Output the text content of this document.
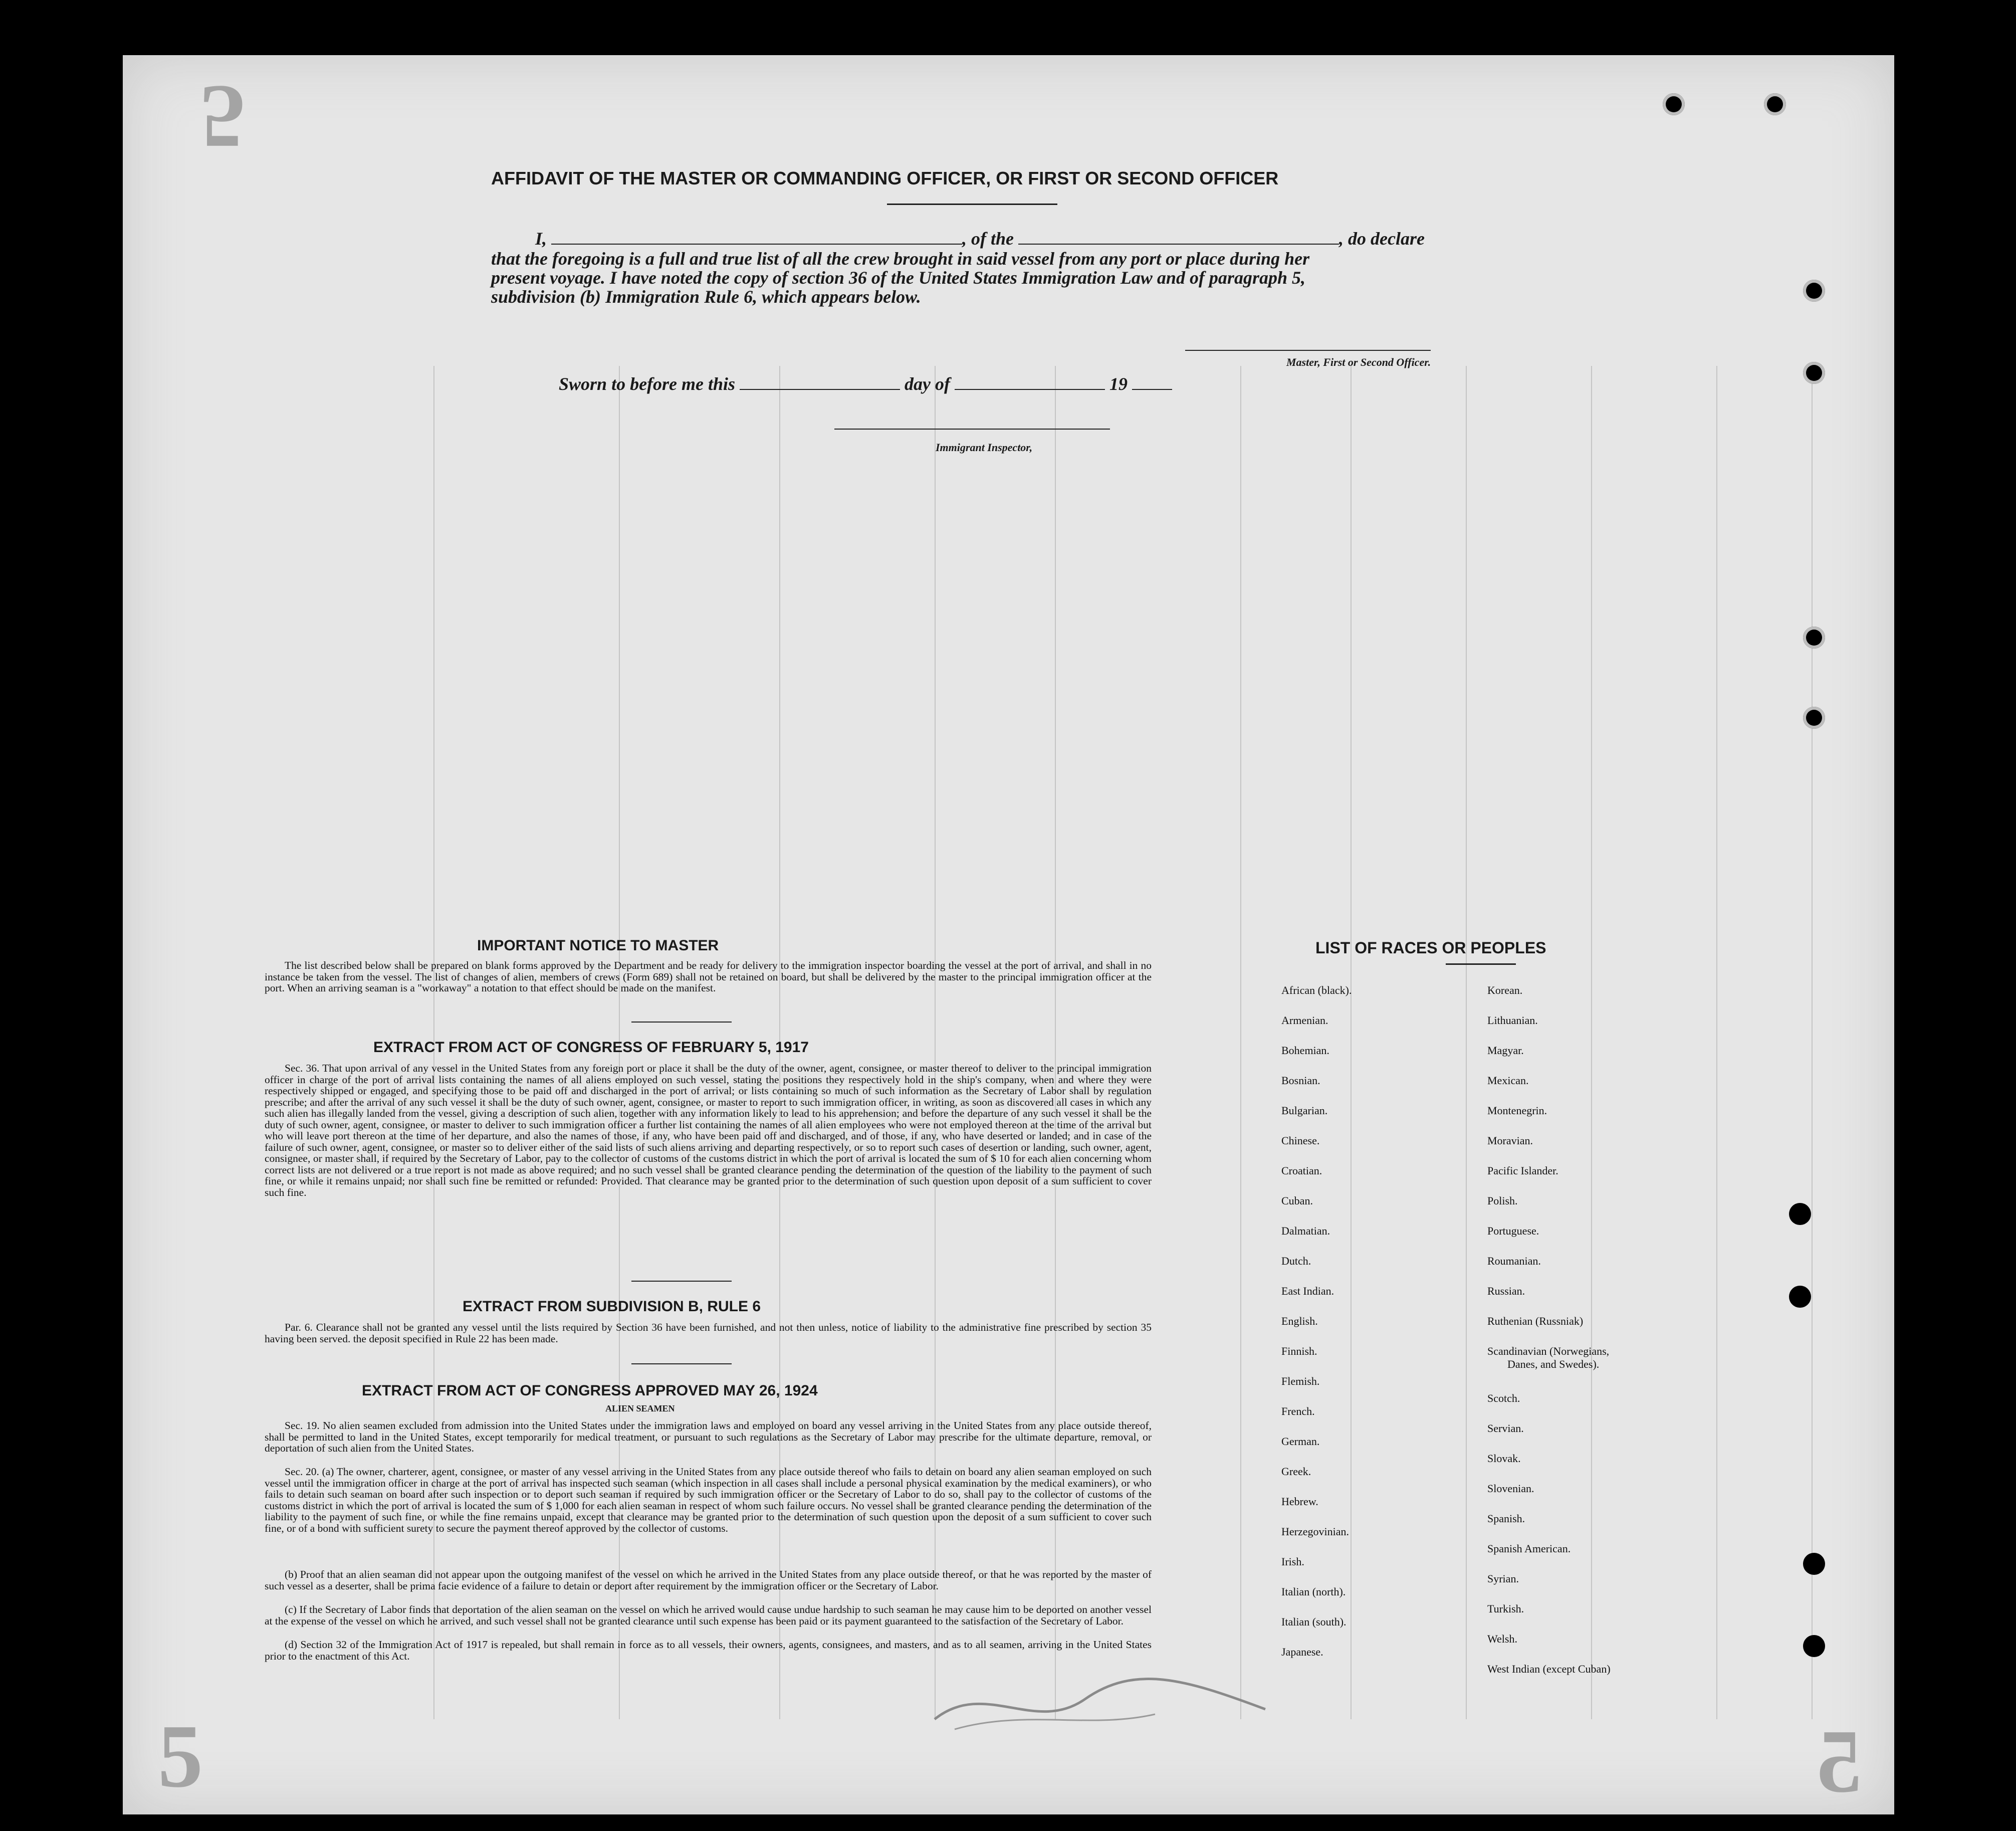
5
5	5
AFFIDAVIT OF THE MASTER OR COMMANDING OFFICER, OR FIRST OR SECOND OFFICER
I,	, of the	, do declare
that the foregoing is a full and true list of all the crew brought in said vessel from any port or place during her
present voyage. I have noted the copy of section 36 of the United States Immigration Law and of paragraph 5,
subdivision (b) Immigration Rule 6, which appears below.
Master, First or Second Officer.
Sworn to before me this	day of	19
Immigrant Inspector,
IMPORTANT NOTICE TO MASTER
The list described below shall be prepared on blank forms approved by the Department and be ready for delivery to the immigration inspector boarding the vessel at the port of arrival, and shall in no instance be taken from the vessel. The list of changes of alien, members of crews (Form 689) shall not be retained on board, but shall be delivered by the master to the principal immigration officer at the port. When an arriving seaman is a "workaway" a notation to that effect should be made on the manifest.
EXTRACT FROM ACT OF CONGRESS OF FEBRUARY 5, 1917
Sec. 36. That upon arrival of any vessel in the United States from any foreign port or place it shall be the duty of the owner, agent, consignee, or master thereof to deliver to the principal immigration officer in charge of the port of arrival lists containing the names of all aliens employed on such vessel, stating the positions they respectively hold in the ship's company, when and where they were respectively shipped or engaged, and specifying those to be paid off and discharged in the port of arrival; or lists containing so much of such information as the Secretary of Labor shall by regulation prescribe; and after the arrival of any such vessel it shall be the duty of such owner, agent, consignee, or master to report to such immigration officer, in writing, as soon as discovered all cases in which any such alien has illegally landed from the vessel, giving a description of such alien, together with any information likely to lead to his apprehension; and before the departure of any such vessel it shall be the duty of such owner, agent, consignee, or master to deliver to such immigration officer a further list containing the names of all alien employees who were not employed thereon at the time of the arrival but who will leave port thereon at the time of her departure, and also the names of those, if any, who have been paid off and discharged, and of those, if any, who have deserted or landed; and in case of the failure of such owner, agent, consignee, or master so to deliver either of the said lists of such aliens arriving and departing respectively, or so to report such cases of desertion or landing, such owner, agent, consignee, or master shall, if required by the Secretary of Labor, pay to the collector of customs of the customs district in which the port of arrival is located the sum of $ 10 for each alien concerning whom correct lists are not delivered or a true report is not made as above required; and no such vessel shall be granted clearance pending the determination of the question of the liability to the payment of such fine, or while it remains unpaid; nor shall such fine be remitted or refunded: Provided. That clearance may be granted prior to the determination of such question upon deposit of a sum sufficient to cover such fine.
EXTRACT FROM SUBDIVISION B, RULE 6
Par. 6. Clearance shall not be granted any vessel until the lists required by Section 36 have been furnished, and not then unless, notice of liability to the administrative fine prescribed by section 35 having been served. the deposit specified in Rule 22 has been made.
EXTRACT FROM ACT OF CONGRESS APPROVED MAY 26, 1924
ALIEN SEAMEN
Sec. 19. No alien seamen excluded from admission into the United States under the immigration laws and employed on board any vessel arriving in the United States from any place outside thereof, shall be permitted to land in the United States, except temporarily for medical treatment, or pursuant to such regulations as the Secretary of Labor may prescribe for the ultimate departure, removal, or deportation of such alien from the United States.
Sec. 20. (a) The owner, charterer, agent, consignee, or master of any vessel arriving in the United States from any place outside thereof who fails to detain on board any alien seaman employed on such vessel until the immigration officer in charge at the port of arrival has inspected such seaman (which inspection in all cases shall include a personal physical examination by the medical examiners), or who fails to detain such seaman on board after such inspection or to deport such seaman if required by such immigration officer or the Secretary of Labor to do so, shall pay to the collector of customs of the customs district in which the port of arrival is located the sum of $ 1,000 for each alien seaman in respect of whom such failure occurs. No vessel shall be granted clearance pending the determination of the liability to the payment of such fine, or while the fine remains unpaid, except that clearance may be granted prior to the determination of such question upon the deposit of a sum sufficient to cover such fine, or of a bond with sufficient surety to secure the payment thereof approved by the collector of customs.
(b) Proof that an alien seaman did not appear upon the outgoing manifest of the vessel on which he arrived in the United States from any place outside thereof, or that he was reported by the master of such vessel as a deserter, shall be prima facie evidence of a failure to detain or deport after requirement by the immigration officer or the Secretary of Labor.
(c) If the Secretary of Labor finds that deportation of the alien seaman on the vessel on which he arrived would cause undue hardship to such seaman he may cause him to be deported on another vessel at the expense of the vessel on which he arrived, and such vessel shall not be granted clearance until such expense has been paid or its payment guaranteed to the satisfaction of the Secretary of Labor.
(d) Section 32 of the Immigration Act of 1917 is repealed, but shall remain in force as to all vessels, their owners, agents, consignees, and masters, and as to all seamen, arriving in the United States prior to the enactment of this Act.
LIST OF RACES OR PEOPLES
African (black).
Armenian.
Bohemian.
Bosnian.
Bulgarian.
Chinese.
Croatian.
Cuban.
Dalmatian.
Dutch.
East Indian.
English.
Finnish.
Flemish.
French.
German.
Greek.
Hebrew.
Herzegovinian.
Irish.
Italian (north).
Italian (south).
Japanese.
Korean.
Lithuanian.
Magyar.
Mexican.
Montenegrin.
Moravian.
Pacific Islander.
Polish.
Portuguese.
Roumanian.
Russian.
Ruthenian (Russniak)
Scandinavian (Norwegians,
Danes, and Swedes).
Scotch.
Servian.
Slovak.
Slovenian.
Spanish.
Spanish American.
Syrian.
Turkish.
Welsh.
West Indian (except Cuban)
